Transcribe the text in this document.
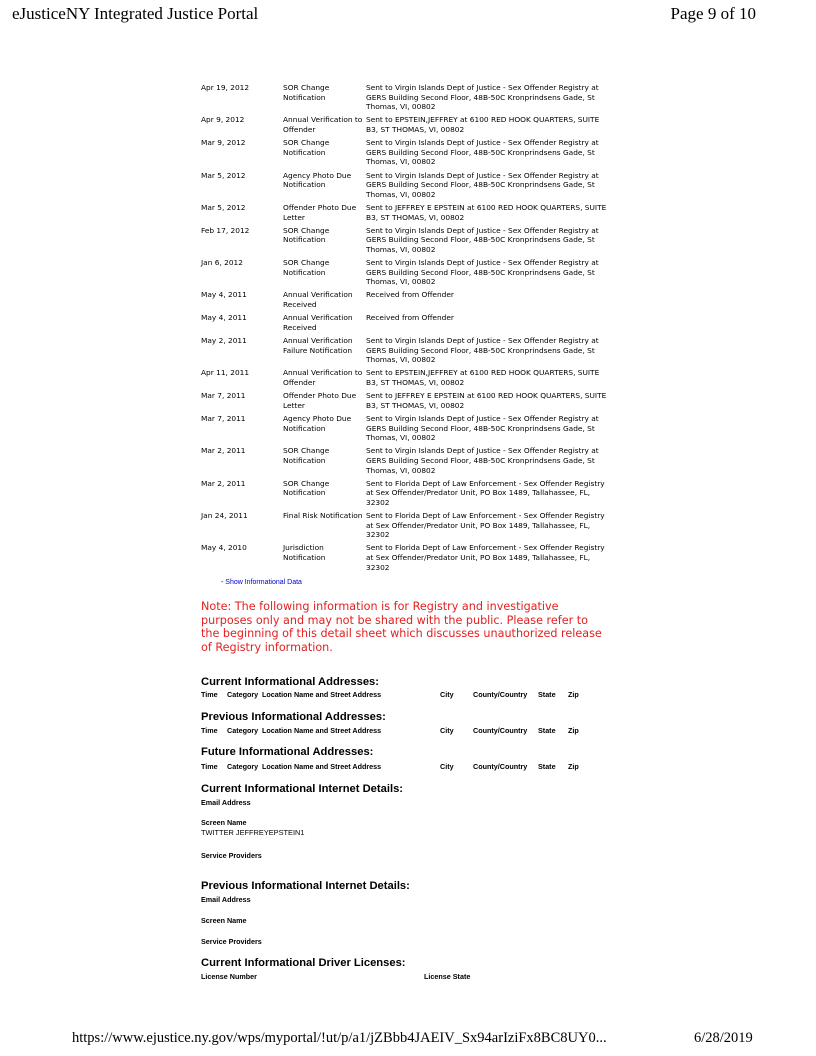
eJusticeNY Integrated Justice Portal	Page 9 of 10
Apr 19, 2012	SOR Change Notification	Sent to Virgin Islands Dept of Justice - Sex Offender Registry at GERS Building Second Floor, 48B-50C Kronprindsens Gade, St Thomas, VI, 00802
Apr 9, 2012	Annual Verification to Offender	Sent to EPSTEIN,JEFFREY at 6100 RED HOOK QUARTERS, SUITE B3, ST THOMAS, VI, 00802
Mar 9, 2012	SOR Change Notification	Sent to Virgin Islands Dept of Justice - Sex Offender Registry at GERS Building Second Floor, 48B-50C Kronprindsens Gade, St Thomas, VI, 00802
Mar 5, 2012	Agency Photo Due Notification	Sent to Virgin Islands Dept of Justice - Sex Offender Registry at GERS Building Second Floor, 48B-50C Kronprindsens Gade, St Thomas, VI, 00802
Mar 5, 2012	Offender Photo Due Letter	Sent to JEFFREY E EPSTEIN at 6100 RED HOOK QUARTERS, SUITE B3, ST THOMAS, VI, 00802
Feb 17, 2012	SOR Change Notification	Sent to Virgin Islands Dept of Justice - Sex Offender Registry at GERS Building Second Floor, 48B-50C Kronprindsens Gade, St Thomas, VI, 00802
Jan 6, 2012	SOR Change Notification	Sent to Virgin Islands Dept of Justice - Sex Offender Registry at GERS Building Second Floor, 48B-50C Kronprindsens Gade, St Thomas, VI, 00802
May 4, 2011	Annual Verification Received	Received from Offender
May 4, 2011	Annual Verification Received	Received from Offender
May 2, 2011	Annual Verification Failure Notification	Sent to Virgin Islands Dept of Justice - Sex Offender Registry at GERS Building Second Floor, 48B-50C Kronprindsens Gade, St Thomas, VI, 00802
Apr 11, 2011	Annual Verification to Offender	Sent to EPSTEIN,JEFFREY at 6100 RED HOOK QUARTERS, SUITE B3, ST THOMAS, VI, 00802
Mar 7, 2011	Offender Photo Due Letter	Sent to JEFFREY E EPSTEIN at 6100 RED HOOK QUARTERS, SUITE B3, ST THOMAS, VI, 00802
Mar 7, 2011	Agency Photo Due Notification	Sent to Virgin Islands Dept of Justice - Sex Offender Registry at GERS Building Second Floor, 48B-50C Kronprindsens Gade, St Thomas, VI, 00802
Mar 2, 2011	SOR Change Notification	Sent to Virgin Islands Dept of Justice - Sex Offender Registry at GERS Building Second Floor, 48B-50C Kronprindsens Gade, St Thomas, VI, 00802
Mar 2, 2011	SOR Change Notification	Sent to Florida Dept of Law Enforcement - Sex Offender Registry at Sex Offender/Predator Unit, PO Box 1489, Tallahassee, FL, 32302
Jan 24, 2011	Final Risk Notification	Sent to Florida Dept of Law Enforcement - Sex Offender Registry at Sex Offender/Predator Unit, PO Box 1489, Tallahassee, FL, 32302
May 4, 2010	Jurisdiction Notification	Sent to Florida Dept of Law Enforcement - Sex Offender Registry at Sex Offender/Predator Unit, PO Box 1489, Tallahassee, FL, 32302
- Show Informational Data
Note: The following information is for Registry and investigative purposes only and may not be shared with the public. Please refer to the beginning of this detail sheet which discusses unauthorized release of Registry information.
Current Informational Addresses:
Time Category Location Name and Street Address	City	County/Country State Zip
Previous Informational Addresses:
Time Category Location Name and Street Address	City	County/Country State Zip
Future Informational Addresses:
Time Category Location Name and Street Address	City	County/Country State Zip
Current Informational Internet Details:
Email Address
Screen Name
TWITTER JEFFREYEPSTEIN1
Service Providers
Previous Informational Internet Details:
Email Address
Screen Name
Service Providers
Current Informational Driver Licenses:
License Number	License State
https://www.ejustice.ny.gov/wps/myportal/!ut/p/a1/jZBbb4JAEIV_Sx94arIziFx8BC8UY0...	6/28/2019
